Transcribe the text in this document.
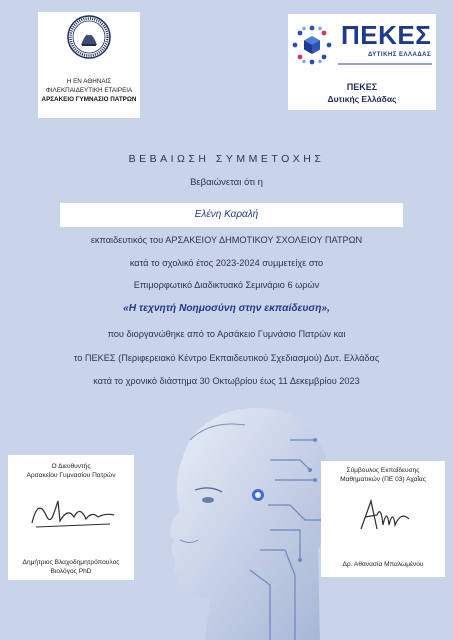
Η ΕΝ ΑΘΗΝΑΙΣ
ΦΙΛΕΚΠΑΙΔΕΥΤΙΚΗ ΕΤΑΙΡΕΙΑ
ΑΡΣΑΚΕΙΟ ΓΥΜΝΑΣΙΟ ΠΑΤΡΩΝ
ΠΕΚΕΣ
ΔΥΤΙΚΗΣ ΕΛΛΑΔΑΣ
ΠΕΚΕΣ
Δυτικής Ελλάδας
ΒΕΒΑΙΩΣΗ ΣΥΜΜΕΤΟΧΗΣ
Βεβαιώνεται ότι η
Ελένη Καραλή
εκπαιδευτικός του ΑΡΣΑΚΕΙΟΥ ΔΗΜΟΤΙΚΟΥ ΣΧΟΛΕΙΟΥ ΠΑΤΡΩΝ
κατά το σχολικό έτος 2023-2024 συμμετείχε στο
Επιμορφωτικό Διαδικτυακό Σεμινάριο 6 ωρών
«Η τεχνητή Νοημοσύνη στην εκπαίδευση»,
που διοργανώθηκε από το Αρσάκειο Γυμνάσιο Πατρών και
το ΠΕΚΕΣ (Περιφερειακό Κέντρο Εκπαιδευτικού Σχεδιασμού) Δυτ. Ελλάδας
κατά το χρονικό διάστημα 30 Οκτωβρίου έως 11 Δεκεμβρίου 2023
Ο Διευθυντής
Αρσακείου Γυμνασίου Πατρών
Δημήτριος Βλαχοδημητρόπουλος
Βιολόγος PhD
Σύμβουλος Εκπαίδευσης
Μαθηματικών (ΠΕ 03) Αχαΐας
Δρ. Αθανασία Μπαλωμένου
